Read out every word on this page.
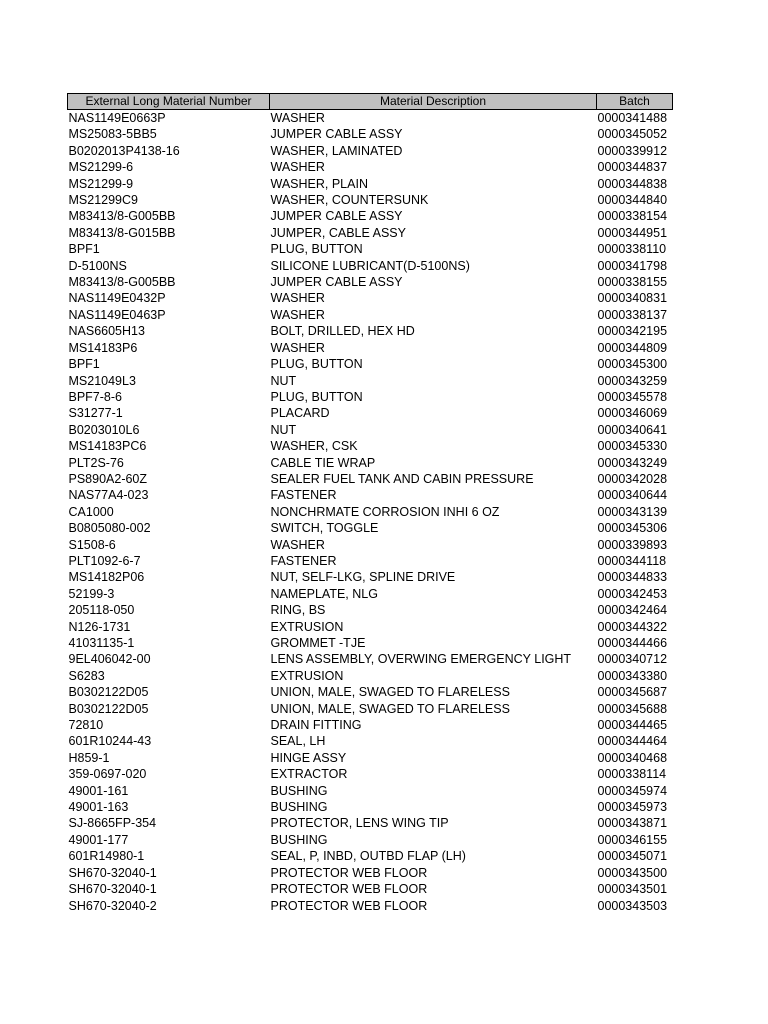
External Long Material Number	Material Description	Batch
NAS1149E0663P	WASHER	0000341488
MS25083-5BB5	JUMPER CABLE ASSY	0000345052
B0202013P4138-16	WASHER, LAMINATED	0000339912
MS21299-6	WASHER	0000344837
MS21299-9	WASHER, PLAIN	0000344838
MS21299C9	WASHER, COUNTERSUNK	0000344840
M83413/8-G005BB	JUMPER CABLE ASSY	0000338154
M83413/8-G015BB	JUMPER, CABLE ASSY	0000344951
BPF1	PLUG, BUTTON	0000338110
D-5100NS	SILICONE LUBRICANT(D-5100NS)	0000341798
M83413/8-G005BB	JUMPER CABLE ASSY	0000338155
NAS1149E0432P	WASHER	0000340831
NAS1149E0463P	WASHER	0000338137
NAS6605H13	BOLT, DRILLED, HEX HD	0000342195
MS14183P6	WASHER	0000344809
BPF1	PLUG, BUTTON	0000345300
MS21049L3	NUT	0000343259
BPF7-8-6	PLUG, BUTTON	0000345578
S31277-1	PLACARD	0000346069
B0203010L6	NUT	0000340641
MS14183PC6	WASHER, CSK	0000345330
PLT2S-76	CABLE TIE WRAP	0000343249
PS890A2-60Z	SEALER FUEL TANK AND CABIN PRESSURE	0000342028
NAS77A4-023	FASTENER	0000340644
CA1000	NONCHRMATE CORROSION INHI 6 OZ	0000343139
B0805080-002	SWITCH, TOGGLE	0000345306
S1508-6	WASHER	0000339893
PLT1092-6-7	FASTENER	0000344118
MS14182P06	NUT, SELF-LKG, SPLINE DRIVE	0000344833
52199-3	NAMEPLATE, NLG	0000342453
205118-050	RING, BS	0000342464
N126-1731	EXTRUSION	0000344322
41031135-1	GROMMET -TJE	0000344466
9EL406042-00	LENS ASSEMBLY, OVERWING EMERGENCY LIGHT	0000340712
S6283	EXTRUSION	0000343380
B0302122D05	UNION, MALE, SWAGED TO FLARELESS	0000345687
B0302122D05	UNION, MALE, SWAGED TO FLARELESS	0000345688
72810	DRAIN FITTING	0000344465
601R10244-43	SEAL, LH	0000344464
H859-1	HINGE ASSY	0000340468
359-0697-020	EXTRACTOR	0000338114
49001-161	BUSHING	0000345974
49001-163	BUSHING	0000345973
SJ-8665FP-354	PROTECTOR, LENS WING TIP	0000343871
49001-177	BUSHING	0000346155
601R14980-1	SEAL, P, INBD, OUTBD FLAP (LH)	0000345071
SH670-32040-1	PROTECTOR WEB FLOOR	0000343500
SH670-32040-1	PROTECTOR WEB FLOOR	0000343501
SH670-32040-2	PROTECTOR WEB FLOOR	0000343503
